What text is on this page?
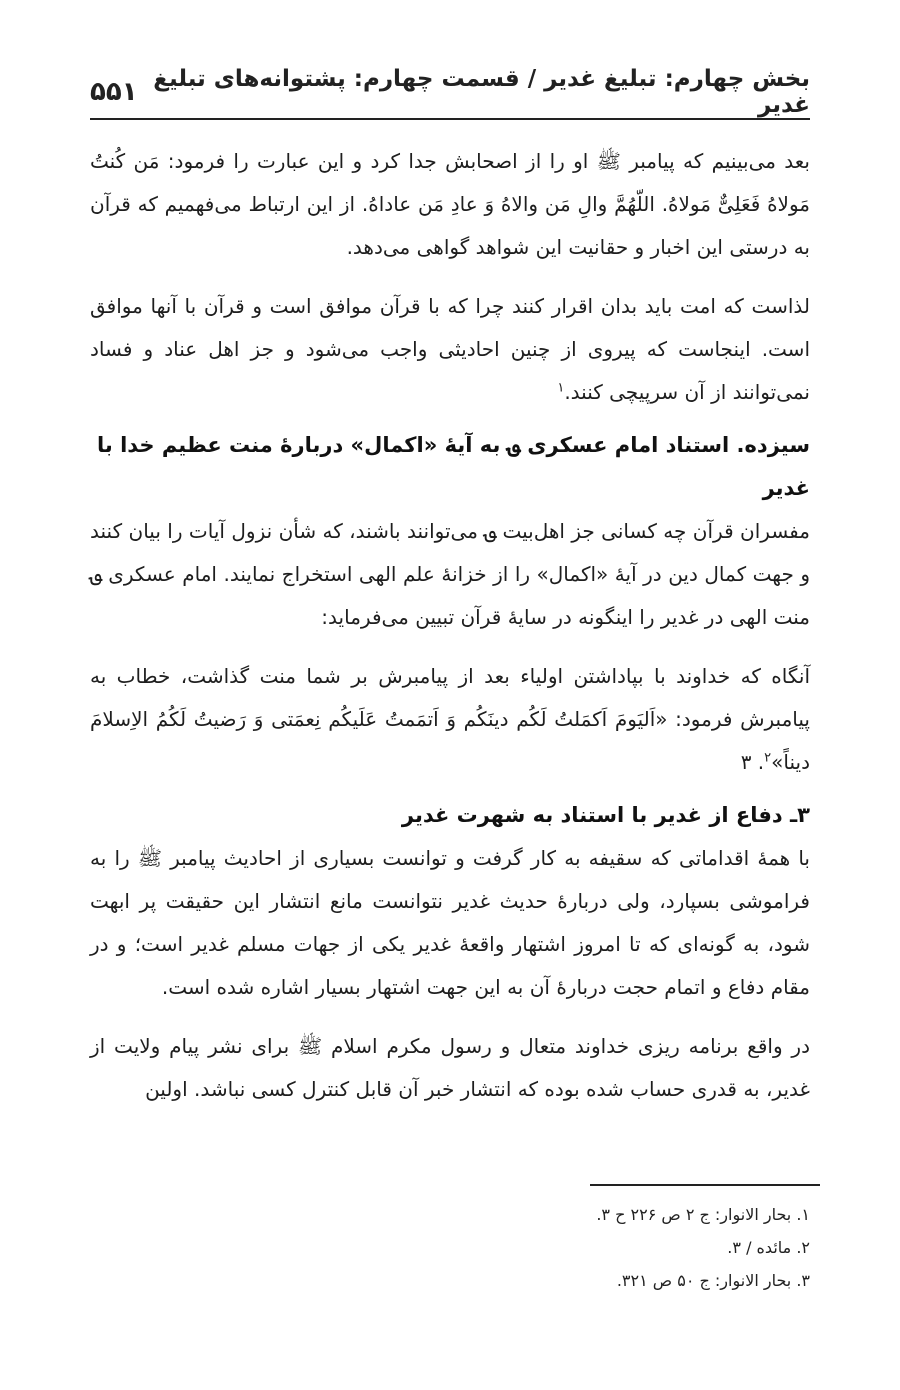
بخش چهارم: تبلیغ غدیر / قسمت چهارم: پشتوانه‌های تبلیغ غدیر
۵۵۱

بعد می‌بینیم که پیامبر ﷺ او را از اصحابش جدا کرد و این عبارت را فرمود: مَن کُنتُ مَولاهُ فَعَلِیٌّ مَولاهُ. اللّهُمَّ والِ مَن والاهُ وَ عادِ مَن عاداهُ. از این ارتباط می‌فهمیم که قرآن به درستی این اخبار و حقانیت این شواهد گواهی می‌دهد.

لذاست که امت باید بدان اقرار کنند چرا که با قرآن موافق است و قرآن با آنها موافق است. اینجاست که پیروی از چنین احادیثی واجب می‌شود و جز اهل عناد و فساد نمی‌توانند از آن سرپیچی کنند.$^۱$

سیزده. استناد امام عسکری ؈ به آیهٔ «اکمال» دربارهٔ منت عظیم خدا با غدیر

مفسران قرآن چه کسانی جز اهل‌بیت ؈ می‌توانند باشند، که شأن نزول آیات را بیان کنند و جهت کمال دین در آیهٔ «اکمال» را از خزانهٔ علم الهی استخراج نمایند. امام عسکری ؈ منت الهی در غدیر را اینگونه در سایهٔ قرآن تبیین می‌فرماید:

آنگاه که خداوند با بپاداشتن اولیاء بعد از پیامبرش بر شما منت گذاشت، خطاب به پیامبرش فرمود: «اَلیَومَ اَکمَلتُ لَکُم دینَکُم وَ اَتمَمتُ عَلَیکُم نِعمَتی وَ رَضیتُ لَکُمُ الاِسلامَ دیناً»$^۲$. ۳

۳ـ دفاع از غدیر با استناد به شهرت غدیر

با همهٔ اقداماتی که سقیفه به کار گرفت و توانست بسیاری از احادیث پیامبر ﷺ را به فراموشی بسپارد، ولی دربارهٔ حدیث غدیر نتوانست مانع انتشار این حقیقت پر ابهت شود، به گونه‌ای که تا امروز اشتهار واقعهٔ غدیر یکی از جهات مسلم غدیر است؛ و در مقام دفاع و اتمام حجت دربارهٔ آن به این جهت اشتهار بسیار اشاره شده است.

در واقع برنامه ریزی خداوند متعال و رسول مکرم اسلام ﷺ برای نشر پیام ولایت از غدیر، به قدری حساب شده بوده که انتشار خبر آن قابل کنترل کسی نباشد. اولین

۱. بحار الانوار: ج ۲ ص ۲۲۶ ح ۳.
۲. مائده / ۳.
۳. بحار الانوار: ج ۵۰ ص ۳۲۱.
